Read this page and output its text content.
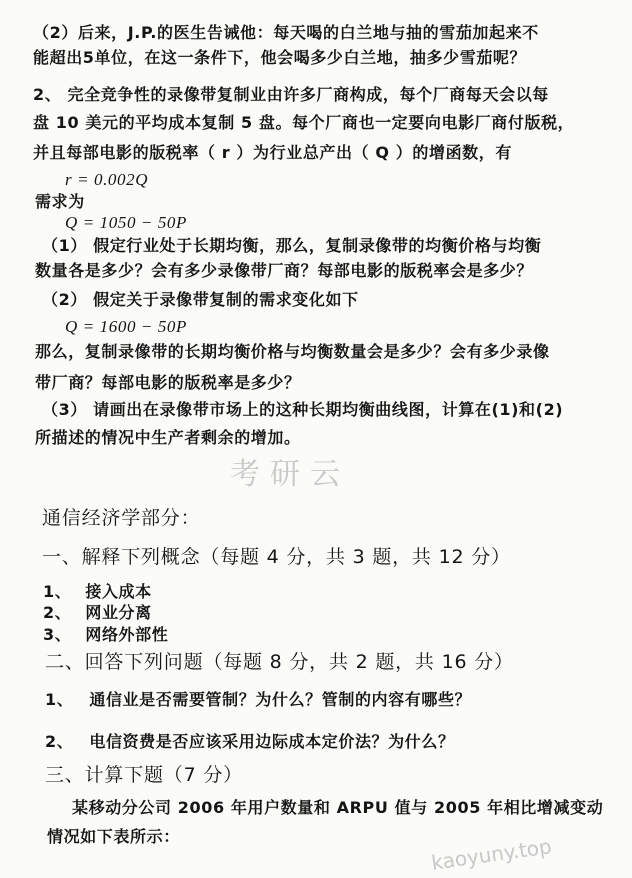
考研云
kaoyuny.top
（2）后来，J.P.的医生告诫他：每天喝的白兰地与抽的雪茄加起来不
能超出5单位，在这一条件下，他会喝多少白兰地，抽多少雪茄呢？
2、 完全竞争性的录像带复制业由许多厂商构成，每个厂商每天会以每
盘 10 美元的平均成本复制 5 盘。每个厂商也一定要向电影厂商付版税，
并且每部电影的版税率（ r ）为行业总产出（ Q ）的增函数，有
r = 0.002Q
需求为
Q = 1050 − 50P
（1） 假定行业处于长期均衡，那么，复制录像带的均衡价格与均衡
数量各是多少？会有多少录像带厂商？每部电影的版税率会是多少？
（2） 假定关于录像带复制的需求变化如下
Q = 1600 − 50P
那么，复制录像带的长期均衡价格与均衡数量会是多少？会有多少录像
带厂商？每部电影的版税率是多少？
（3） 请画出在录像带市场上的这种长期均衡曲线图，计算在(1)和(2)
所描述的情况中生产者剩余的增加。
通信经济学部分：
一、解释下列概念（每题 4 分，共 3 题，共 12 分）
1、 接入成本
2、 网业分离
3、 网络外部性
二、回答下列问题（每题 8 分，共 2 题，共 16 分）
1、 通信业是否需要管制？为什么？管制的内容有哪些？
2、 电信资费是否应该采用边际成本定价法？为什么？
三、计算下题（7 分）
某移动分公司 2006 年用户数量和 ARPU 值与 2005 年相比增减变动
情况如下表所示：
